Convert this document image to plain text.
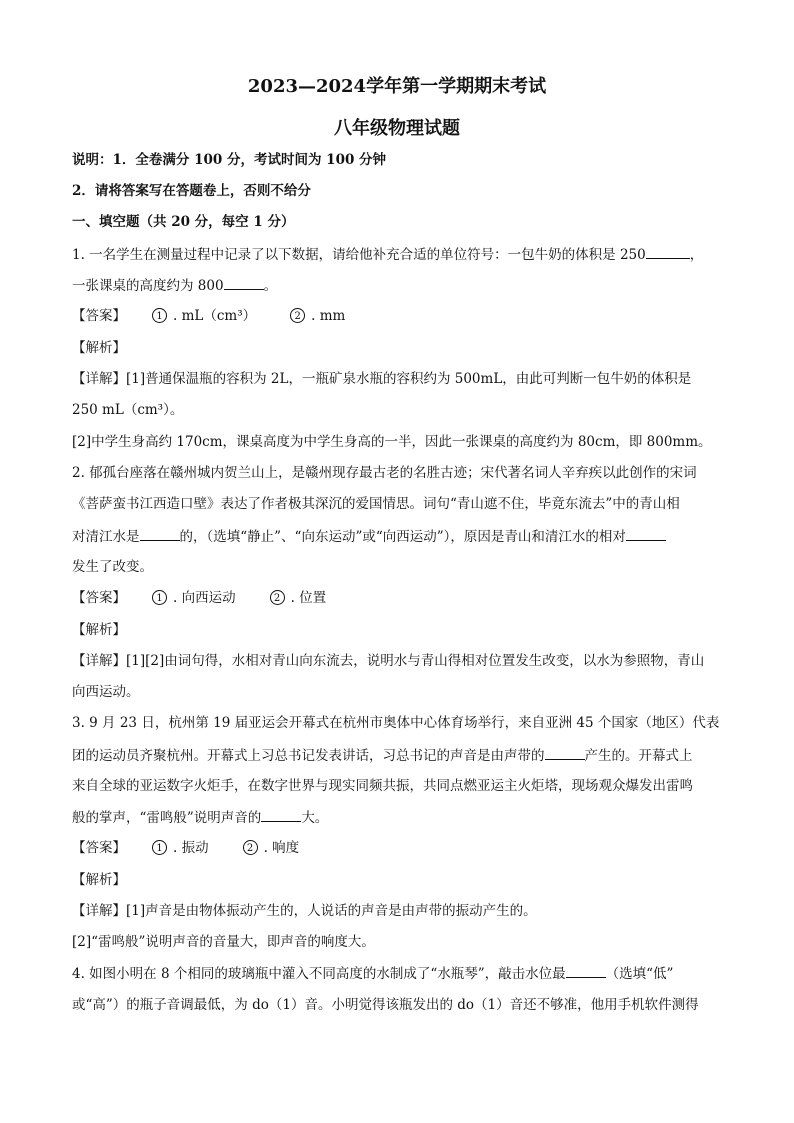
2023—2024学年第一学期期末考试
八年级物理试题
说明：1．全卷满分 100 分，考试时间为 100 分钟
2．请将答案写在答题卷上，否则不给分
一、填空题（共 20 分，每空 1 分）
1. 一名学生在测量过程中记录了以下数据，请给他补充合适的单位符号：一包牛奶的体积是 250	，
一张课桌的高度约为 800	。
【答案】	1 . mL（cm³）	2 . mm
【解析】
【详解】[1]普通保温瓶的容积为 2L，一瓶矿泉水瓶的容积约为 500mL，由此可判断一包牛奶的体积是
250 mL（cm³）。
[2]中学生身高约 170cm，课桌高度为中学生身高的一半，因此一张课桌的高度约为 80cm，即 800mm。
2. 郁孤台座落在赣州城内贺兰山上，是赣州现存最古老的名胜古迹；宋代著名词人辛弃疾以此创作的宋词
《菩萨蛮书江西造口壁》表达了作者极其深沉的爱国情思。词句“青山遮不住，毕竟东流去”中的青山相
对清江水是	的，（选填“静止”、“向东运动”或“向西运动”），原因是青山和清江水的相对
发生了改变。
【答案】	1 . 向西运动	2 . 位置
【解析】
【详解】[1][2]由词句得，水相对青山向东流去，说明水与青山得相对位置发生改变，以水为参照物，青山
向西运动。
3. 9 月 23 日，杭州第 19 届亚运会开幕式在杭州市奥体中心体育场举行，来自亚洲 45 个国家（地区）代表
团的运动员齐聚杭州。开幕式上习总书记发表讲话，习总书记的声音是由声带的	产生的。开幕式上
来自全球的亚运数字火炬手，在数字世界与现实同频共振，共同点燃亚运主火炬塔，现场观众爆发出雷鸣
般的掌声，“雷鸣般”说明声音的	大。
【答案】	1 . 振动	2 . 响度
【解析】
【详解】[1]声音是由物体振动产生的，人说话的声音是由声带的振动产生的。
[2]“雷鸣般”说明声音的音量大，即声音的响度大。
4. 如图小明在 8 个相同的玻璃瓶中灌入不同高度的水制成了“水瓶琴”，敲击水位最	（选填“低”
或“高”）的瓶子音调最低，为 do（1）音。小明觉得该瓶发出的 do（1）音还不够准，他用手机软件测得
